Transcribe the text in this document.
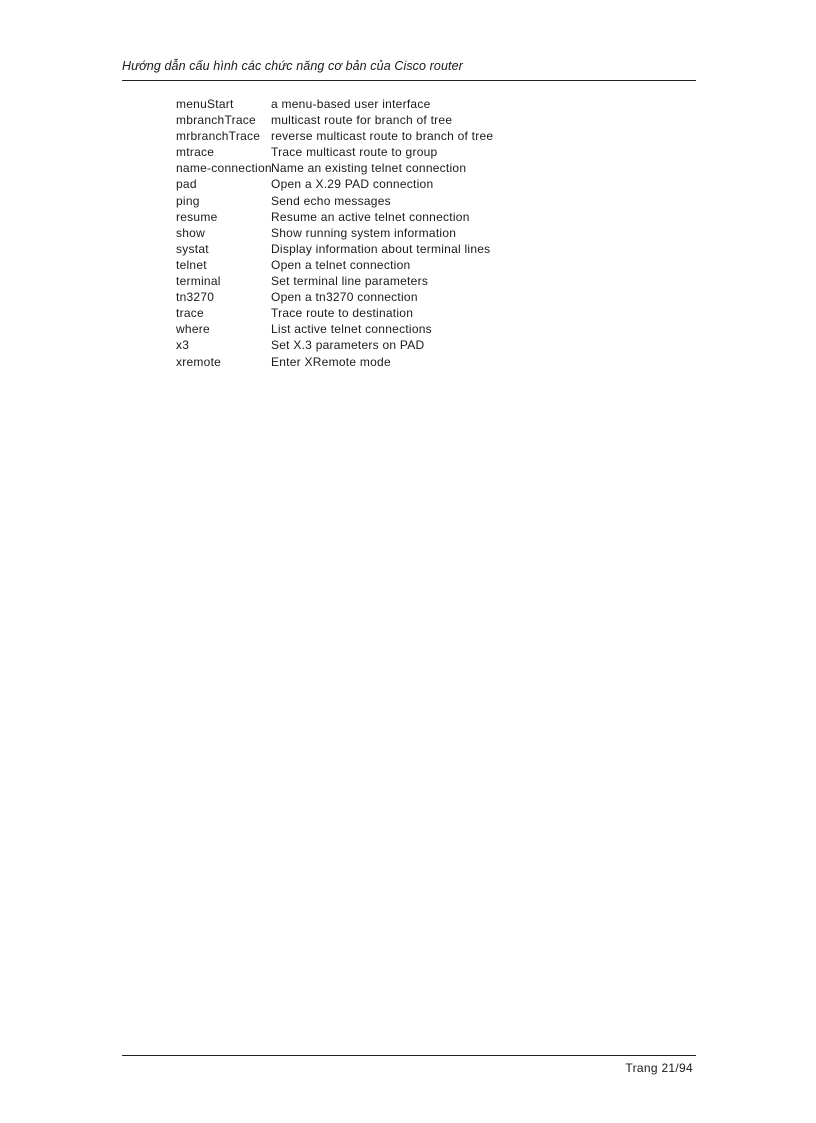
Hướng dẫn cấu hình các chức năng cơ bản của Cisco router
menuStart	a menu-based user interface
mbranchTrace multicast route for branch of tree
mrbranchTrace reverse multicast route to branch of tree
mtrace	Trace multicast route to group
name-connection Name an existing telnet connection
pad	Open a X.29 PAD connection
ping	Send echo messages
resume	Resume an active telnet connection
show	Show running system information
systat	Display information about terminal lines
telnet	Open a telnet connection
terminal	Set terminal line parameters
tn3270	Open a tn3270 connection
trace	Trace route to destination
where	List active telnet connections
x3	Set X.3 parameters on PAD
xremote	Enter XRemote mode
Trang 21/94
